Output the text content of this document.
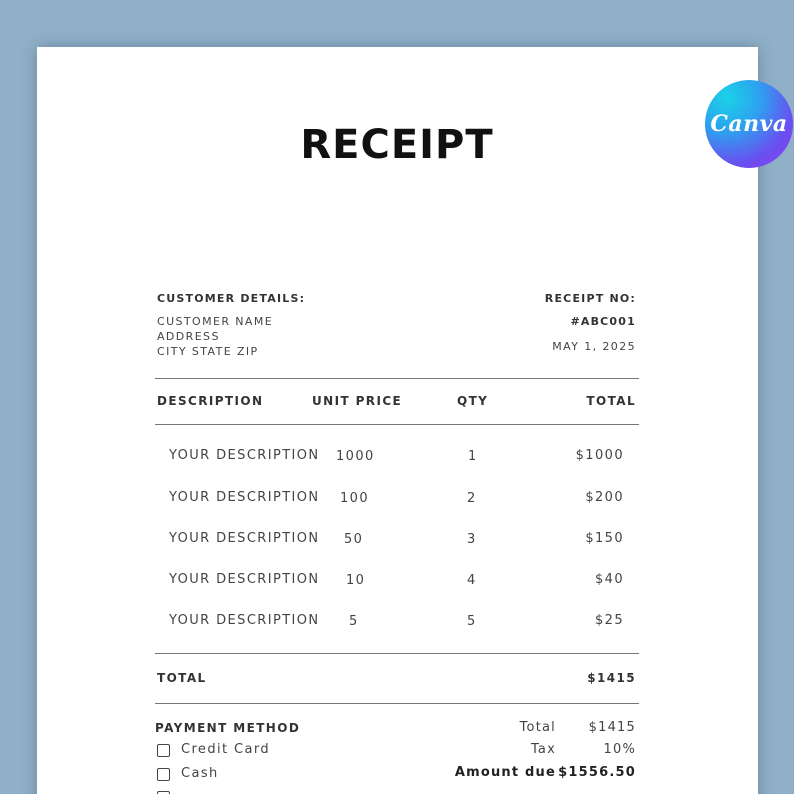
Canva
RECEIPT
CUSTOMER DETAILS:
CUSTOMER NAME
ADDRESS
CITY STATE ZIP
RECEIPT NO:
#ABC001
MAY 1, 2025
DESCRIPTION	UNIT PRICE	QTY	TOTAL
YOUR DESCRIPTION 1000	1	$1000
YOUR DESCRIPTION 100	2	$200
YOUR DESCRIPTION 50	3	$150
YOUR DESCRIPTION 10	4	$40
YOUR DESCRIPTION 5	5	$25
TOTAL	$1415
PAYMENT METHOD
Credit Card
Cash
Total	$1415
Tax	10%
Amount due $1556.50
